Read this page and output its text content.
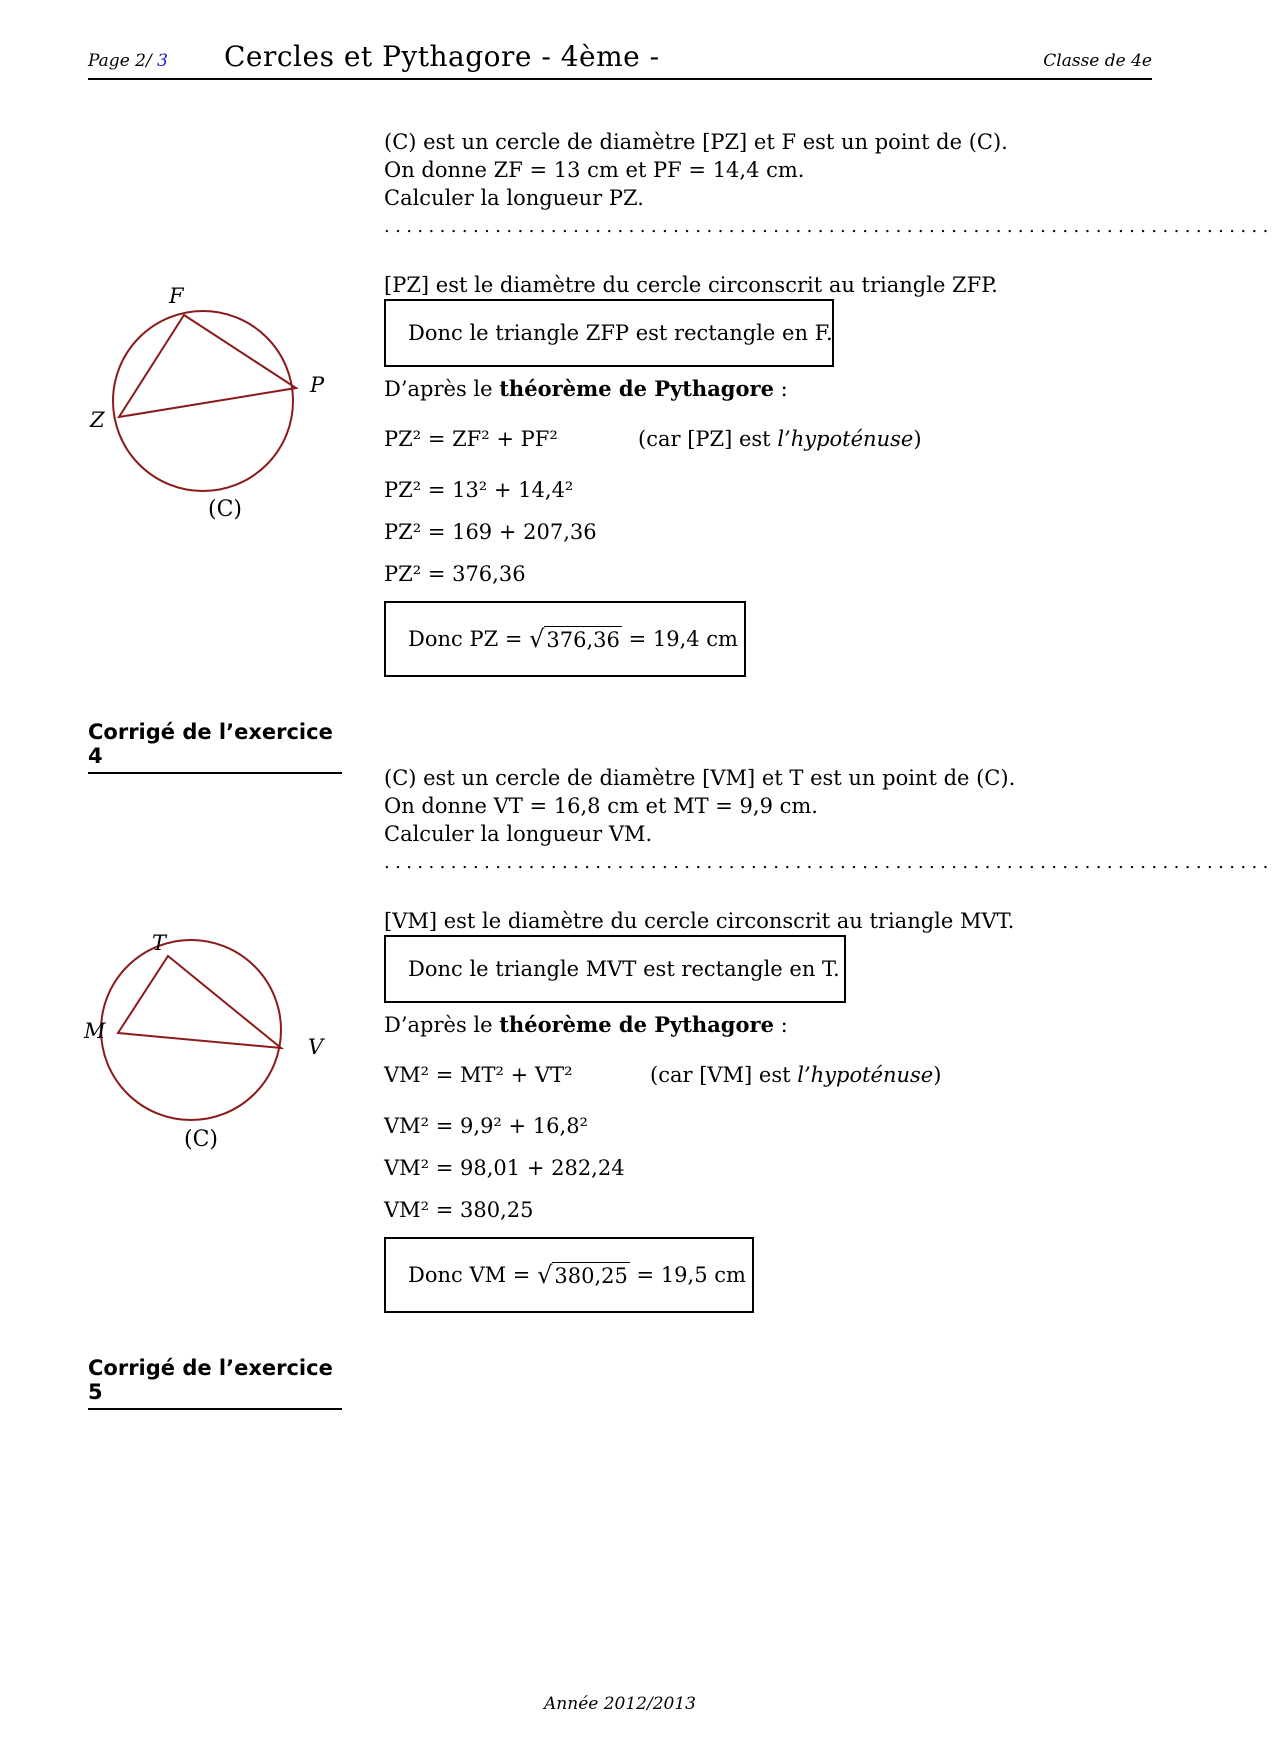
Page 2/ 3 Cercles et Pythagore - 4ème -	Classe de 4e
(C) est un cercle de diamètre [PZ] et F est un point de (C).
On donne ZF = 13 cm et PF = 14,4 cm.
Calculer la longueur PZ.
................................................................................
F
P
Z
(C)
[PZ] est le diamètre du cercle circonscrit au triangle ZFP.
Donc le triangle ZFP est rectangle en F.
D’après le théorème de Pythagore :
PZ² = ZF² + PF²	(car [PZ] est l’hypoténuse)
PZ² = 13² + 14,4²
PZ² = 169 + 207,36
PZ² = 376,36
Donc PZ =
√ 376,36
= 19,4 cm
Corrigé de l’exercice 4
(C) est un cercle de diamètre [VM] et T est un point de (C).
On donne VT = 16,8 cm et MT = 9,9 cm.
Calculer la longueur VM.
................................................................................
T
M
V
(C)
[VM] est le diamètre du cercle circonscrit au triangle MVT.
Donc le triangle MVT est rectangle en T.
D’après le théorème de Pythagore :
VM² = MT² + VT²	(car [VM] est l’hypoténuse)
VM² = 9,9² + 16,8²
VM² = 98,01 + 282,24
VM² = 380,25
Donc VM =
√ 380,25
= 19,5 cm
Corrigé de l’exercice 5
Année 2012/2013
